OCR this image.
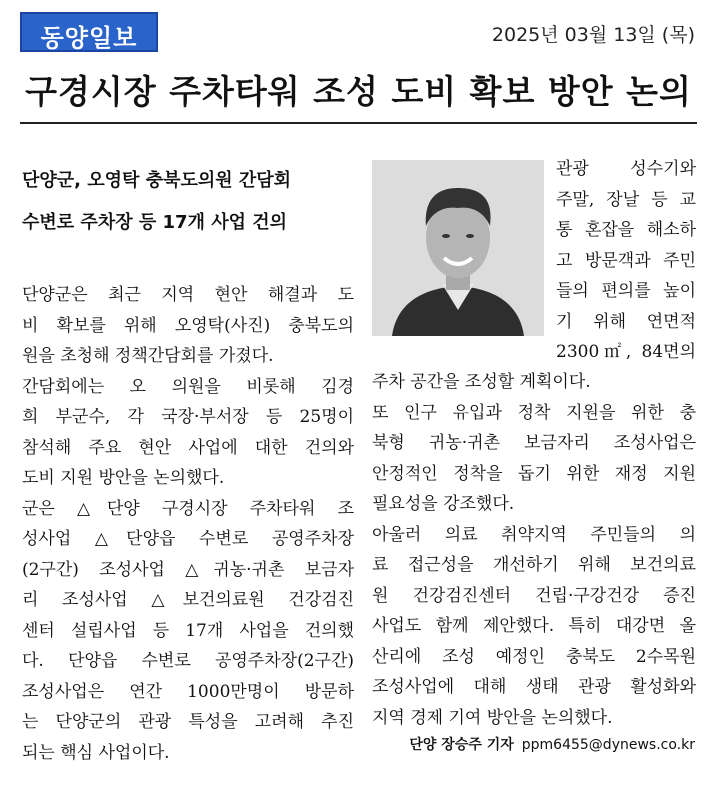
동양일보	2025년 03월 13일 (목)
구경시장 주차타워 조성 도비 확보 방안 논의
단양군, 오영탁 충북도의원 간담회
수변로 주차장 등 17개 사업 건의
단양군은 최근 지역 현안 해결과 도
비 확보를 위해 오영탁(사진) 충북도의
원을 초청해 정책간담회를 가졌다.
간담회에는 오 의원을 비롯해 김경
희 부군수, 각 국장·부서장 등 25명이
참석해 주요 현안 사업에 대한 건의와
도비 지원 방안을 논의했다.
군은 △단양 구경시장 주차타워 조
성사업 △단양읍 수변로 공영주차장
(2구간) 조성사업 △귀농·귀촌 보금자
리 조성사업 △보건의료원 건강검진
센터 설립사업 등 17개 사업을 건의했
다. 단양읍 수변로 공영주차장(2구간)
조성사업은 연간 1000만명이 방문하
는 단양군의 관광 특성을 고려해 추진
되는 핵심 사업이다.
관광 성수기와
주말, 장날 등 교
통 혼잡을 해소하
고 방문객과 주민
들의 편의를 높이
기 위해 연면적
2300㎡, 84면의
주차 공간을 조성할 계획이다.
또 인구 유입과 정착 지원을 위한 충
북형 귀농·귀촌 보금자리 조성사업은
안정적인 정착을 돕기 위한 재정 지원
필요성을 강조했다.
아울러 의료 취약지역 주민들의 의
료 접근성을 개선하기 위해 보건의료
원 건강검진센터 건립·구강건강 증진
사업도 함께 제안했다. 특히 대강면 올
산리에 조성 예정인 충북도 2수목원
조성사업에 대해 생태 관광 활성화와
지역 경제 기여 방안을 논의했다.
단양 장승주 기자 ppm6455@dynews.co.kr
